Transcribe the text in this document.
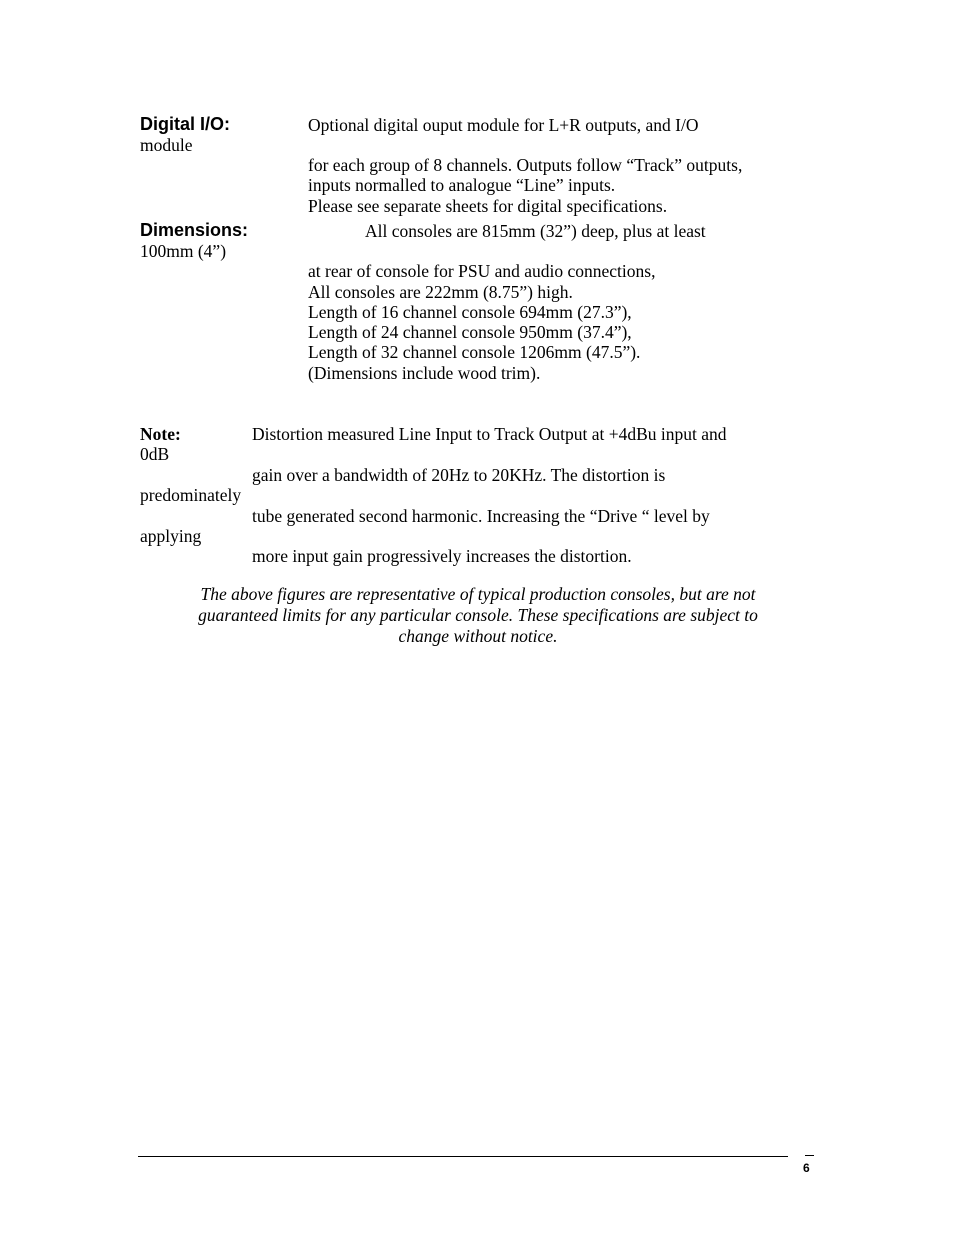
Digital I/O:	Optional digital ouput module for L+R outputs, and I/O
module
for each group of 8 channels. Outputs follow “Track” outputs,
inputs normalled to analogue “Line” inputs.
Please see separate sheets for digital specifications.
Dimensions:	All consoles are 815mm (32”) deep, plus at least
100mm (4”)
at rear of console for PSU and audio connections,
All consoles are 222mm (8.75”) high.
Length of 16 channel console 694mm (27.3”),
Length of 24 channel console 950mm (37.4”),
Length of 32 channel console 1206mm (47.5”).
(Dimensions include wood trim).
Note:	Distortion measured Line Input to Track Output at +4dBu input and
0dB
gain over a bandwidth of 20Hz to 20KHz. The distortion is
predominately
tube generated second harmonic. Increasing the “Drive “ level by
applying
more input gain progressively increases the distortion.
The above figures are representative of typical production consoles, but are not
guaranteed limits for any particular console. These specifications are subject to
change without notice.
6
